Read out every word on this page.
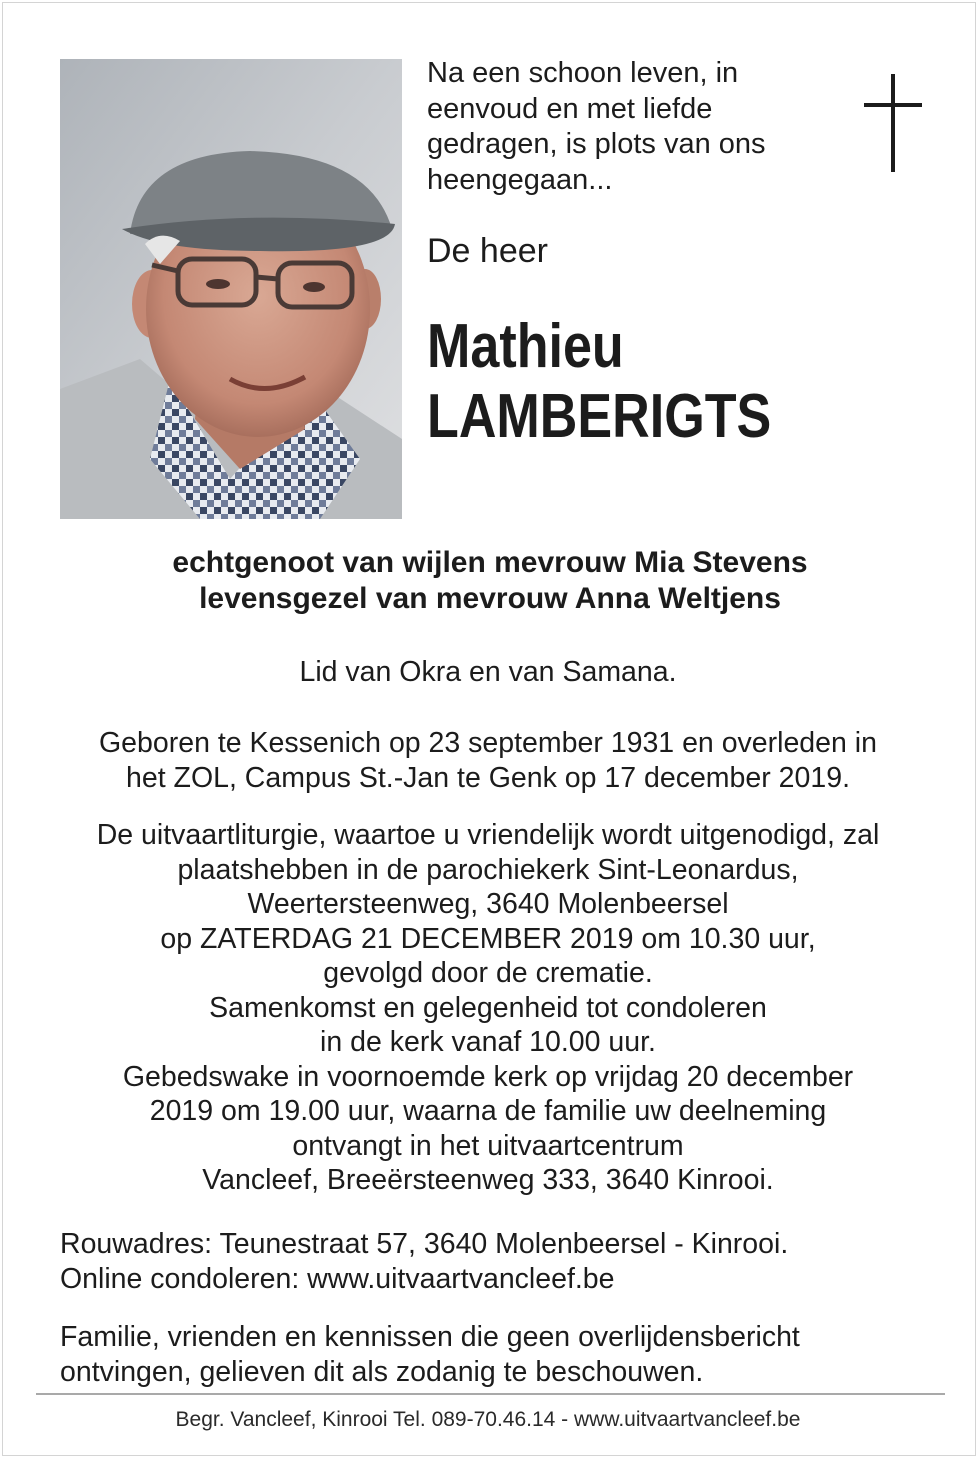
Na een schoon leven, in
eenvoud en met liefde
gedragen, is plots van ons
heengegaan...
De heer
Mathieu
LAMBERIGTS
echtgenoot van wijlen mevrouw Mia Stevens
levensgezel van mevrouw Anna Weltjens

Lid van Okra en van Samana.

Geboren te Kessenich op 23 september 1931 en overleden in
het ZOL, Campus St.-Jan te Genk op 17 december 2019.

De uitvaartliturgie, waartoe u vriendelijk wordt uitgenodigd, zal
plaatshebben in de parochiekerk Sint-Leonardus,
Weertersteenweg, 3640 Molenbeersel
op ZATERDAG 21 DECEMBER 2019 om 10.30 uur,
gevolgd door de crematie.
Samenkomst en gelegenheid tot condoleren
in de kerk vanaf 10.00 uur.
Gebedswake in voornoemde kerk op vrijdag 20 december
2019 om 19.00 uur, waarna de familie uw deelneming
ontvangt in het uitvaartcentrum
Vancleef, Breeërsteenweg 333, 3640 Kinrooi.

Rouwadres: Teunestraat 57, 3640 Molenbeersel - Kinrooi.
Online condoleren: www.uitvaartvancleef.be

Familie, vrienden en kennissen die geen overlijdensbericht
ontvingen, gelieven dit als zodanig te beschouwen.

Begr. Vancleef, Kinrooi Tel. 089-70.46.14 - www.uitvaartvancleef.be
